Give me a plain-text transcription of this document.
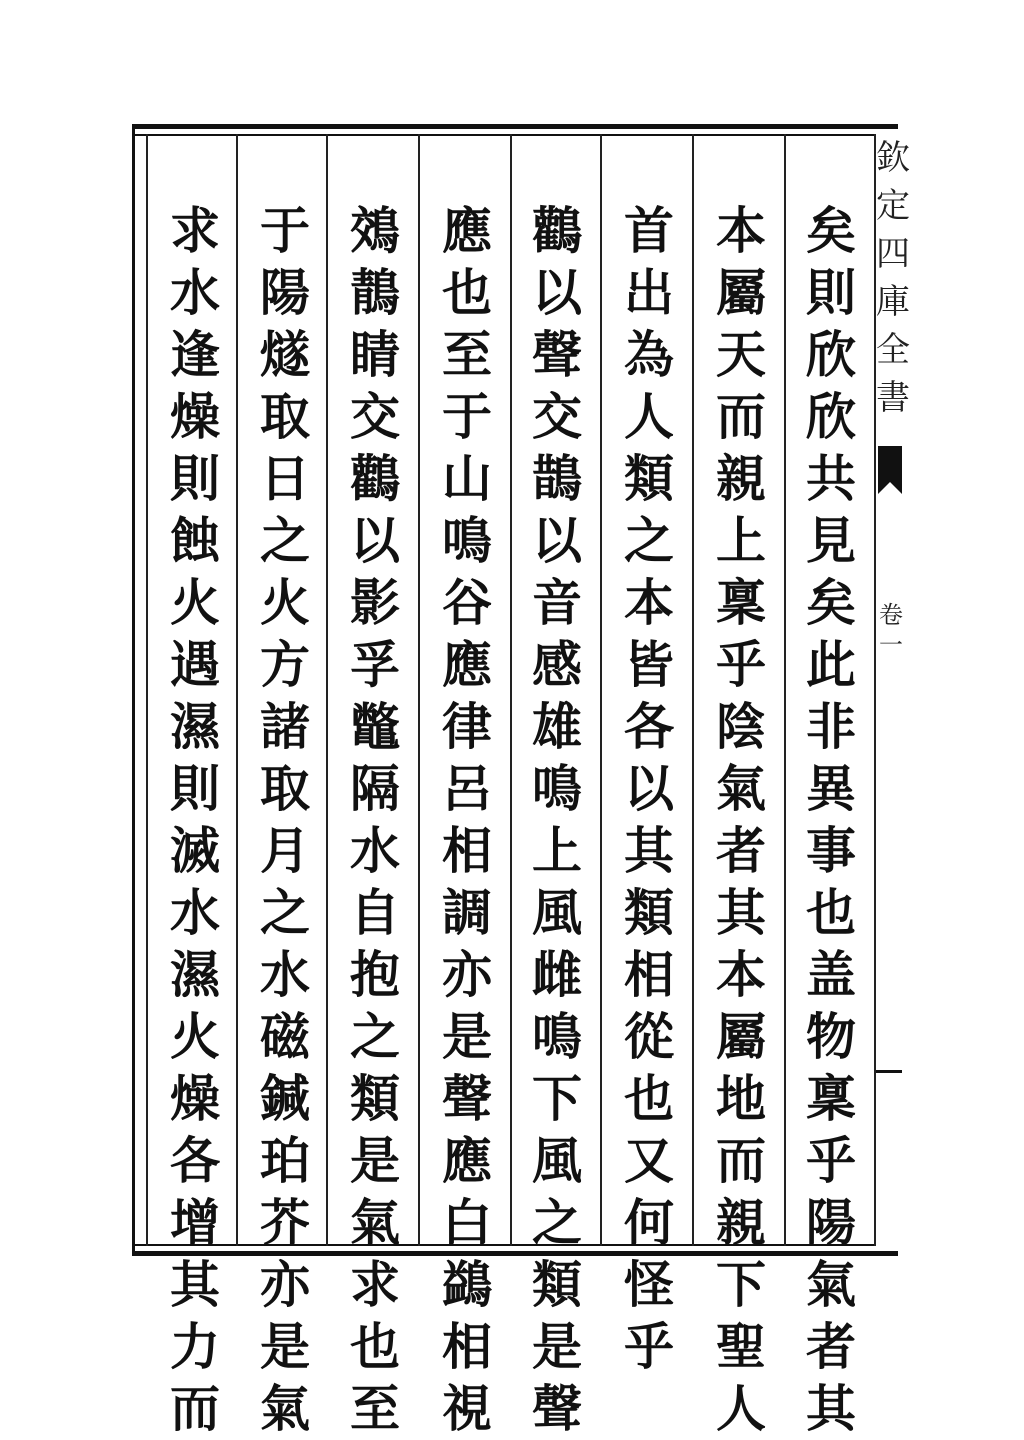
欽
定
四
庫
全
書
卷
一
矣
則
欣
欣
共
見
矣
此
非
異
事
也
盖
物
稟
乎
陽
氣
者
其
本
屬
天
而
親
上
稟
乎
陰
氣
者
其
本
屬
地
而
親
下
聖
人
首
出
為
人
類
之
本
皆
各
以
其
類
相
從
也
又
何
怪
乎
鸛
以
聲
交
鵲
以
音
感
雄
鳴
上
風
雌
鳴
下
風
之
類
是
聲
應
也
至
于
山
鳴
谷
應
律
呂
相
調
亦
是
聲
應
白
鷁
相
視
鵁
鶄
睛
交
鸛
以
影
孚
鼈
隔
水
自
抱
之
類
是
氣
求
也
至
于
陽
燧
取
日
之
火
方
諸
取
月
之
水
磁
鍼
珀
芥
亦
是
氣
求
水
逢
燥
則
蝕
火
遇
濕
則
滅
水
濕
火
燥
各
增
其
力
而
